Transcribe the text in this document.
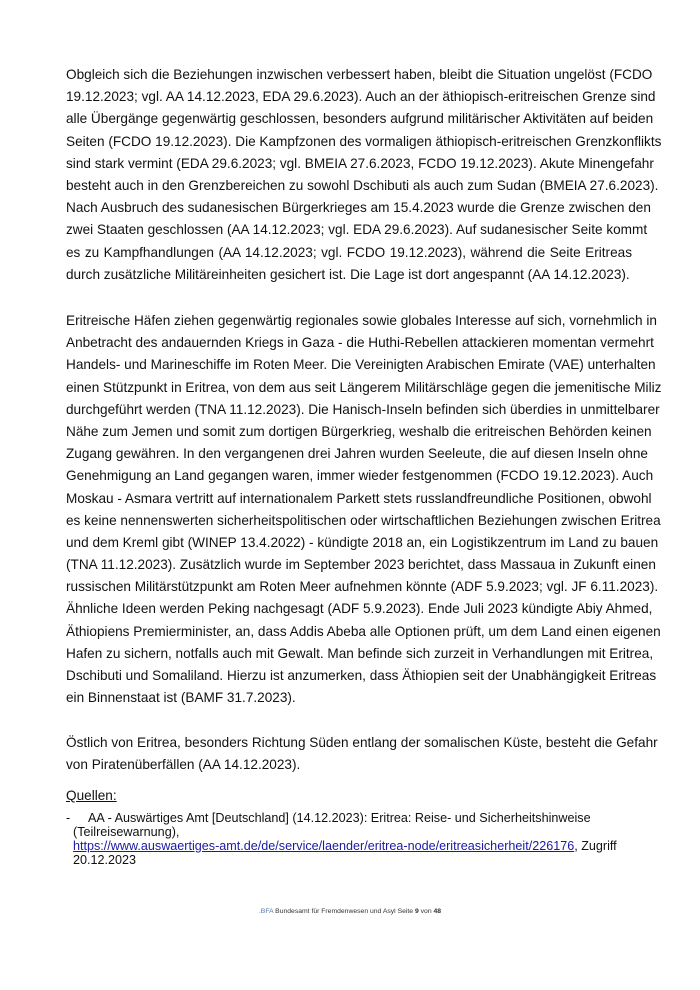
Obgleich sich die Beziehungen inzwischen verbessert haben, bleibt die Situation ungelöst (FCDO
19.12.2023; vgl. AA 14.12.2023, EDA 29.6.2023). Auch an der äthiopisch-eritreischen Grenze sind
alle Übergänge gegenwärtig geschlossen, besonders aufgrund militärischer Aktivitäten auf beiden
Seiten (FCDO 19.12.2023). Die Kampfzonen des vormaligen äthiopisch-eritreischen Grenzkonflikts
sind stark vermint (EDA 29.6.2023; vgl. BMEIA 27.6.2023, FCDO 19.12.2023). Akute Minengefahr
besteht auch in den Grenzbereichen zu sowohl Dschibuti als auch zum Sudan (BMEIA 27.6.2023).
Nach Ausbruch des sudanesischen Bürgerkrieges am 15.4.2023 wurde die Grenze zwischen den
zwei Staaten geschlossen (AA 14.12.2023; vgl. EDA 29.6.2023). Auf sudanesischer Seite kommt
es zu Kampfhandlungen (AA 14.12.2023; vgl. FCDO 19.12.2023), während die Seite Eritreas
durch zusätzliche Militäreinheiten gesichert ist. Die Lage ist dort angespannt (AA 14.12.2023).
Eritreische Häfen ziehen gegenwärtig regionales sowie globales Interesse auf sich, vornehmlich in
Anbetracht des andauernden Kriegs in Gaza - die Huthi-Rebellen attackieren momentan vermehrt
Handels- und Marineschiffe im Roten Meer. Die Vereinigten Arabischen Emirate (VAE) unterhalten
einen Stützpunkt in Eritrea, von dem aus seit Längerem Militärschläge gegen die jemenitische Miliz
durchgeführt werden (TNA 11.12.2023). Die Hanisch-Inseln befinden sich überdies in unmittelbarer
Nähe zum Jemen und somit zum dortigen Bürgerkrieg, weshalb die eritreischen Behörden keinen
Zugang gewähren. In den vergangenen drei Jahren wurden Seeleute, die auf diesen Inseln ohne
Genehmigung an Land gegangen waren, immer wieder festgenommen (FCDO 19.12.2023). Auch
Moskau - Asmara vertritt auf internationalem Parkett stets russlandfreundliche Positionen, obwohl
es keine nennenswerten sicherheitspolitischen oder wirtschaftlichen Beziehungen zwischen Eritrea
und dem Kreml gibt (WINEP 13.4.2022) - kündigte 2018 an, ein Logistikzentrum im Land zu bauen
(TNA 11.12.2023). Zusätzlich wurde im September 2023 berichtet, dass Massaua in Zukunft einen
russischen Militärstützpunkt am Roten Meer aufnehmen könnte (ADF 5.9.2023; vgl. JF 6.11.2023).
Ähnliche Ideen werden Peking nachgesagt (ADF 5.9.2023). Ende Juli 2023 kündigte Abiy Ahmed,
Äthiopiens Premierminister, an, dass Addis Abeba alle Optionen prüft, um dem Land einen eigenen
Hafen zu sichern, notfalls auch mit Gewalt. Man befinde sich zurzeit in Verhandlungen mit Eritrea,
Dschibuti und Somaliland. Hierzu ist anzumerken, dass Äthiopien seit der Unabhängigkeit Eritreas
ein Binnenstaat ist (BAMF 31.7.2023).
Östlich von Eritrea, besonders Richtung Süden entlang der somalischen Küste, besteht die Gefahr
von Piratenüberfällen (AA 14.12.2023).
Quellen:
-	AA - Auswärtiges Amt [Deutschland] (14.12.2023): Eritrea: Reise- und Sicherheitshinweise
(Teilreisewarnung),
https://www.auswaertiges-amt.de/de/service/laender/eritrea-node/eritreasicherheit/226176, Zugriff
20.12.2023
.BFA Bundesamt für Fremdenwesen und Asyl Seite 9 von 48
